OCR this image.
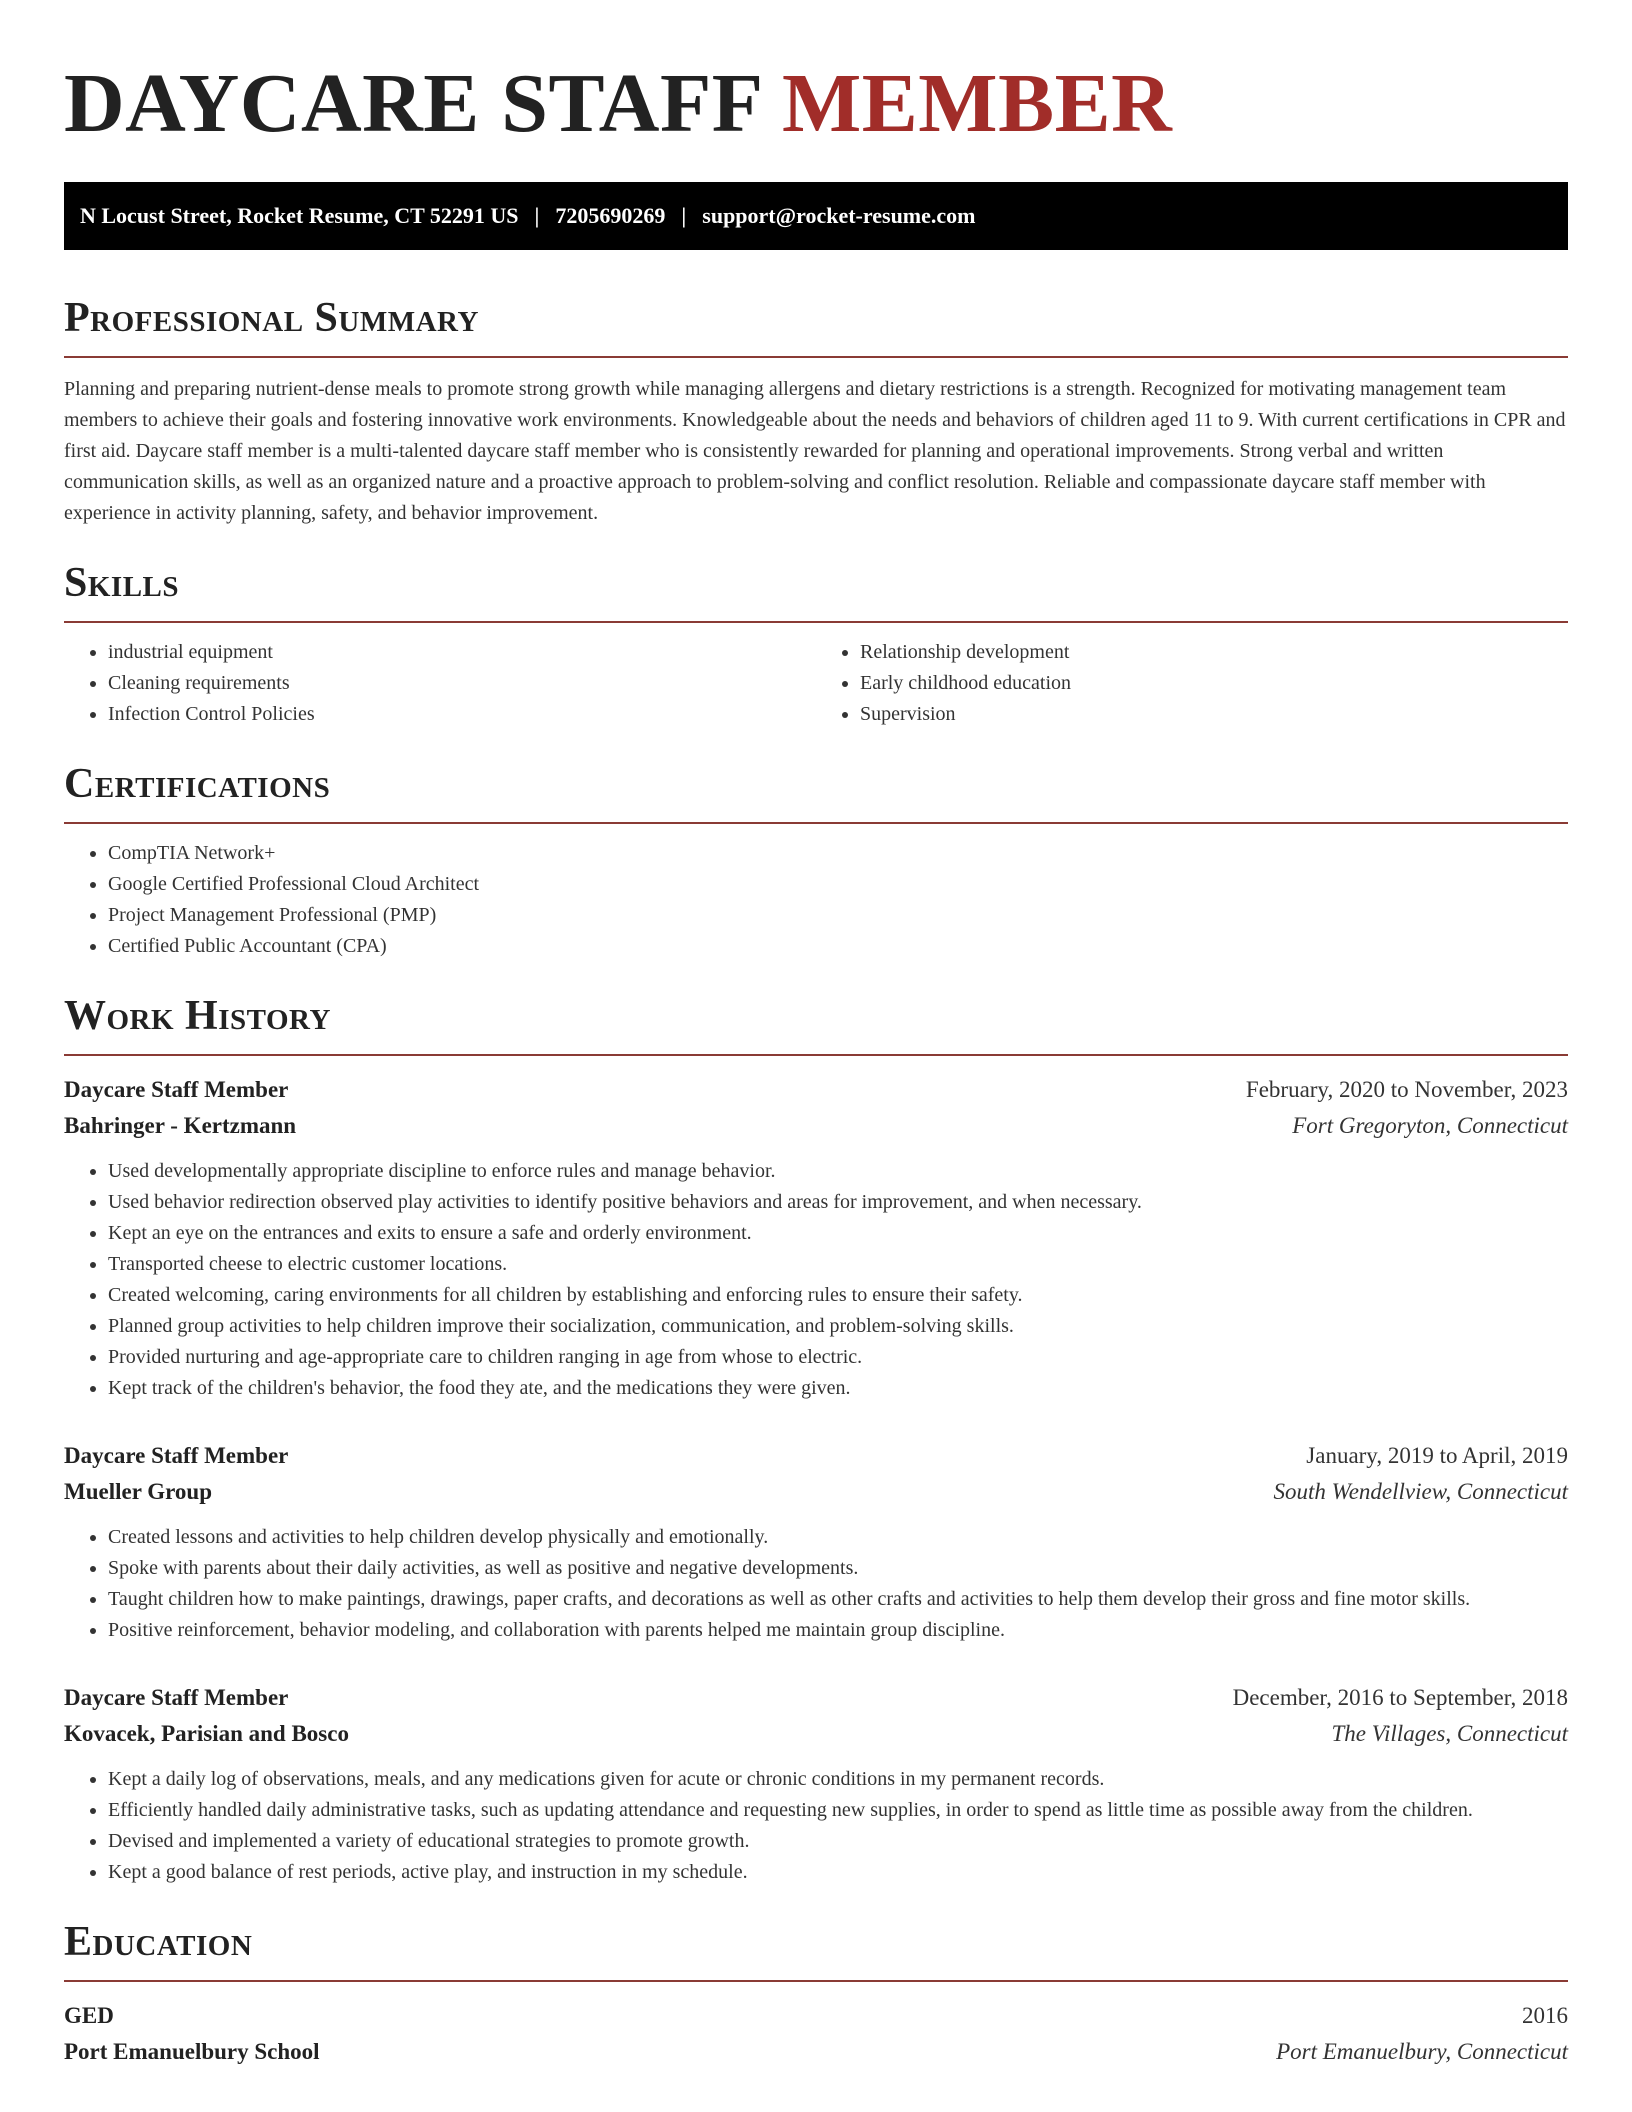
DAYCARE STAFF MEMBER
N Locust Street, Rocket Resume, CT 52291 US | 7205690269 | support@rocket-resume.com
Professional Summary

Planning and preparing nutrient-dense meals to promote strong growth while managing allergens and dietary restrictions is a strength. Recognized for motivating management team members to achieve their goals and fostering innovative work environments. Knowledgeable about the needs and behaviors of children aged 11 to 9. With current certifications in CPR and first aid. Daycare staff member is a multi-talented daycare staff member who is consistently rewarded for planning and operational improvements. Strong verbal and written communication skills, as well as an organized nature and a proactive approach to problem-solving and conflict resolution. Reliable and compassionate daycare staff member with experience in activity planning, safety, and behavior improvement.

Skills
• industrial equipment
• Cleaning requirements
• Infection Control Policies
• Relationship development
• Early childhood education
• Supervision
Certifications
• CompTIA Network+
• Google Certified Professional Cloud Architect
• Project Management Professional (PMP)
• Certified Public Accountant (CPA)
Work History
Daycare Staff Member	February, 2020 to November, 2023
Bahringer - Kertzmann	Fort Gregoryton, Connecticut
• Used developmentally appropriate discipline to enforce rules and manage behavior.
• Used behavior redirection observed play activities to identify positive behaviors and areas for improvement, and when necessary.
• Kept an eye on the entrances and exits to ensure a safe and orderly environment.
• Transported cheese to electric customer locations.
• Created welcoming, caring environments for all children by establishing and enforcing rules to ensure their safety.
• Planned group activities to help children improve their socialization, communication, and problem-solving skills.
• Provided nurturing and age-appropriate care to children ranging in age from whose to electric.
• Kept track of the children's behavior, the food they ate, and the medications they were given.
Daycare Staff Member	January, 2019 to April, 2019
Mueller Group	South Wendellview, Connecticut
• Created lessons and activities to help children develop physically and emotionally.
• Spoke with parents about their daily activities, as well as positive and negative developments.
• Taught children how to make paintings, drawings, paper crafts, and decorations as well as other crafts and activities to help them develop their gross and fine motor skills.
• Positive reinforcement, behavior modeling, and collaboration with parents helped me maintain group discipline.
Daycare Staff Member	December, 2016 to September, 2018
Kovacek, Parisian and Bosco	The Villages, Connecticut
• Kept a daily log of observations, meals, and any medications given for acute or chronic conditions in my permanent records.
• Efficiently handled daily administrative tasks, such as updating attendance and requesting new supplies, in order to spend as little time as possible away from the children.
• Devised and implemented a variety of educational strategies to promote growth.
• Kept a good balance of rest periods, active play, and instruction in my schedule.
Education
GED	2016
Port Emanuelbury School	Port Emanuelbury, Connecticut
